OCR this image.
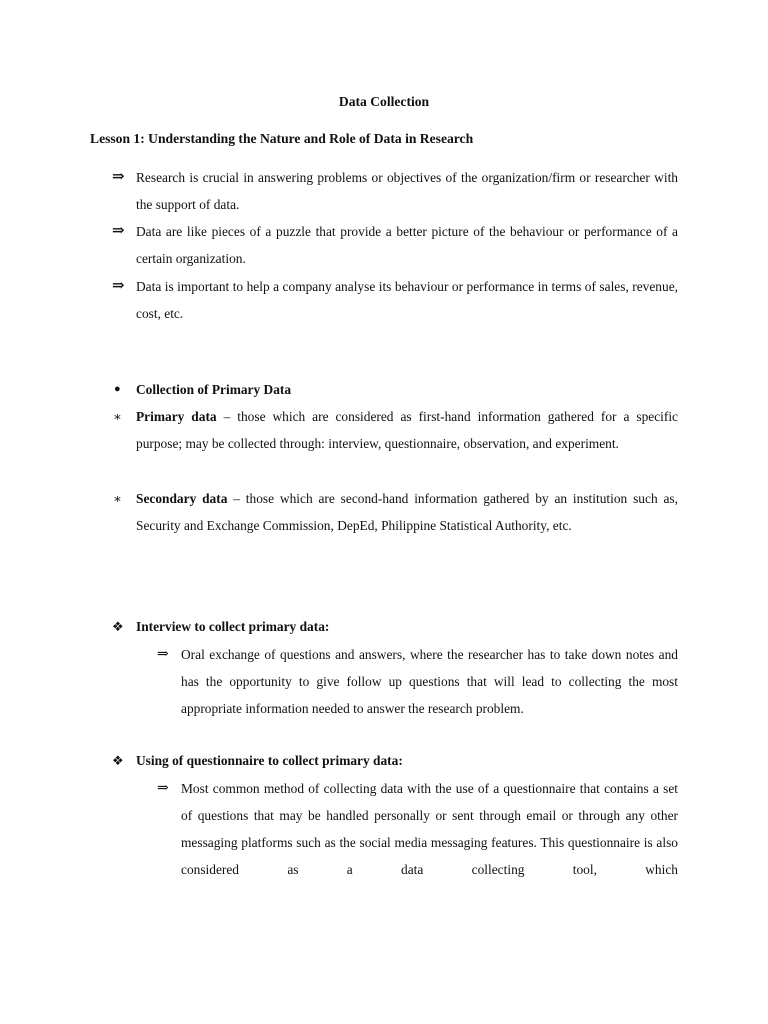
Data Collection
Lesson 1: Understanding the Nature and Role of Data in Research
⇒ Research is crucial in answering problems or objectives of the organization/firm or researcher with the support of data.
⇒ Data are like pieces of a puzzle that provide a better picture of the behaviour or performance of a certain organization.
⇒ Data is important to help a company analyse its behaviour or performance in terms of sales, revenue, cost, etc.
● Collection of Primary Data
∗ Primary data – those which are considered as first-hand information gathered for a specific purpose; may be collected through: interview, questionnaire, observation, and experiment.
∗ Secondary data – those which are second-hand information gathered by an institution such as, Security and Exchange Commission, DepEd, Philippine Statistical Authority, etc.
❖ Interview to collect primary data:
⇒ Oral exchange of questions and answers, where the researcher has to take down notes and has the opportunity to give follow up questions that will lead to collecting the most appropriate information needed to answer the research problem.
❖ Using of questionnaire to collect primary data:
⇒ Most common method of collecting data with the use of a questionnaire that contains a set of questions that may be handled personally or sent through email or through any other messaging platforms such as the social media messaging features. This questionnaire is also considered as a data collecting tool, which
